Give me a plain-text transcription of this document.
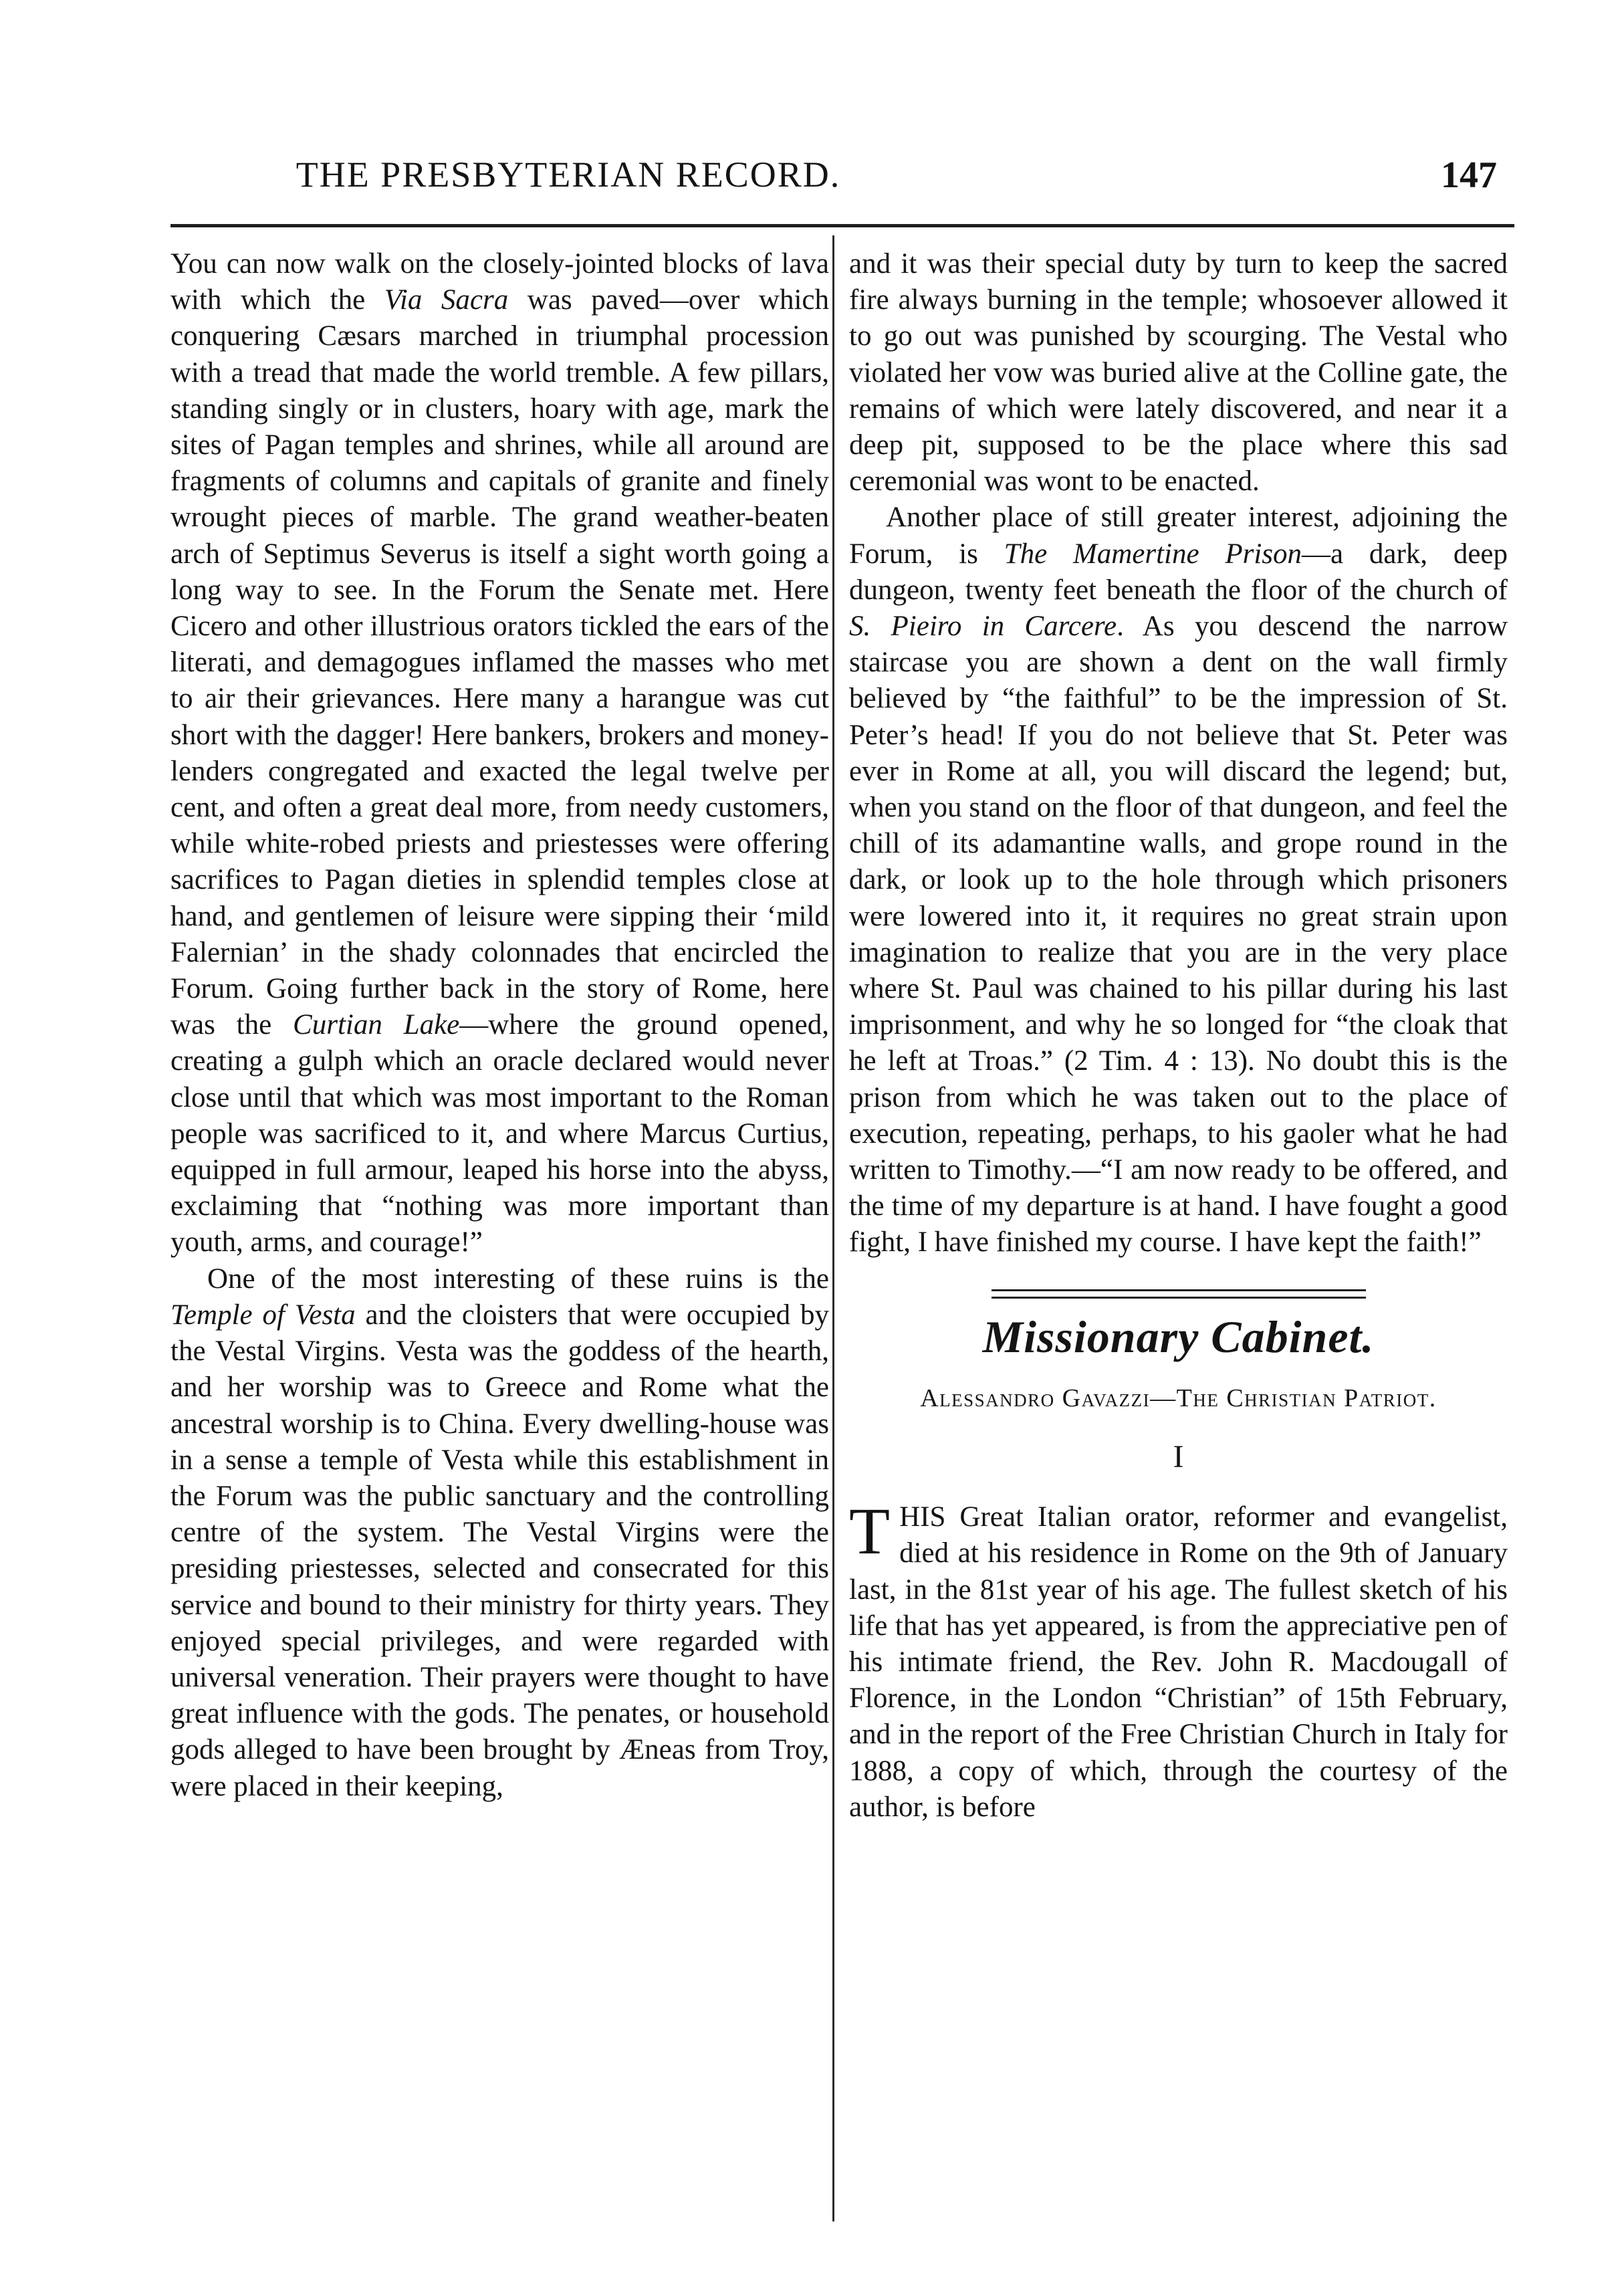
THE PRESBYTERIAN RECORD.	147

You can now walk on the closely-jointed blocks of lava with which the Via Sacra was paved—over which conquering Cæsars marched in triumphal procession with a tread that made the world tremble. A few pillars, standing singly or in clusters, hoary with age, mark the sites of Pagan temples and shrines, while all around are fragments of columns and capitals of granite and finely wrought pieces of marble. The grand weather-beaten arch of Septimus Severus is itself a sight worth going a long way to see. In the Forum the Senate met. Here Cicero and other illustrious orators tickled the ears of the literati, and demagogues inflamed the masses who met to air their grievances. Here many a harangue was cut short with the dagger! Here bankers, brokers and money-lenders congregated and exacted the legal twelve per cent, and often a great deal more, from needy customers, while white-robed priests and priestesses were offering sacrifices to Pagan dieties in splendid temples close at hand, and gentlemen of leisure were sipping their ‘mild Falernian’ in the shady colonnades that encircled the Forum. Going further back in the story of Rome, here was the Curtian Lake—where the ground opened, creating a gulph which an oracle declared would never close until that which was most important to the Roman people was sacrificed to it, and where Marcus Curtius, equipped in full armour, leaped his horse into the abyss, exclaiming that “nothing was more important than youth, arms, and courage!”

One of the most interesting of these ruins is the Temple of Vesta and the cloisters that were occupied by the Vestal Virgins. Vesta was the goddess of the hearth, and her worship was to Greece and Rome what the ancestral worship is to China. Every dwelling-house was in a sense a temple of Vesta while this establishment in the Forum was the public sanctuary and the controlling centre of the system. The Vestal Virgins were the presiding priestesses, selected and consecrated for this service and bound to their ministry for thirty years. They enjoyed special privileges, and were regarded with universal veneration. Their prayers were thought to have great influence with the gods. The penates, or household gods alleged to have been brought by Æneas from Troy, were placed in their keeping,

and it was their special duty by turn to keep the sacred fire always burning in the temple; whosoever allowed it to go out was punished by scourging. The Vestal who violated her vow was buried alive at the Colline gate, the remains of which were lately discovered, and near it a deep pit, supposed to be the place where this sad ceremonial was wont to be enacted.

Another place of still greater interest, adjoining the Forum, is The Mamertine Prison—a dark, deep dungeon, twenty feet beneath the floor of the church of S. Pieiro in Carcere. As you descend the narrow staircase you are shown a dent on the wall firmly believed by “the faithful” to be the impression of St. Peter’s head! If you do not believe that St. Peter was ever in Rome at all, you will discard the legend; but, when you stand on the floor of that dungeon, and feel the chill of its adamantine walls, and grope round in the dark, or look up to the hole through which prisoners were lowered into it, it requires no great strain upon imagination to realize that you are in the very place where St. Paul was chained to his pillar during his last imprisonment, and why he so longed for “the cloak that he left at Troas.” (2 Tim. 4 : 13). No doubt this is the prison from which he was taken out to the place of execution, repeating, perhaps, to his gaoler what he had written to Timothy.—“I am now ready to be offered, and the time of my departure is at hand. I have fought a good fight, I have finished my course. I have kept the faith!”

Missionary Cabinet.
Alessandro Gavazzi—The Christian Patriot.
I

THIS Great Italian orator, reformer and evangelist, died at his residence in Rome on the 9th of January last, in the 81st year of his age. The fullest sketch of his life that has yet appeared, is from the appreciative pen of his intimate friend, the Rev. John R. Macdougall of Florence, in the London “Christian” of 15th February, and in the report of the Free Christian Church in Italy for 1888, a copy of which, through the courtesy of the author, is before
